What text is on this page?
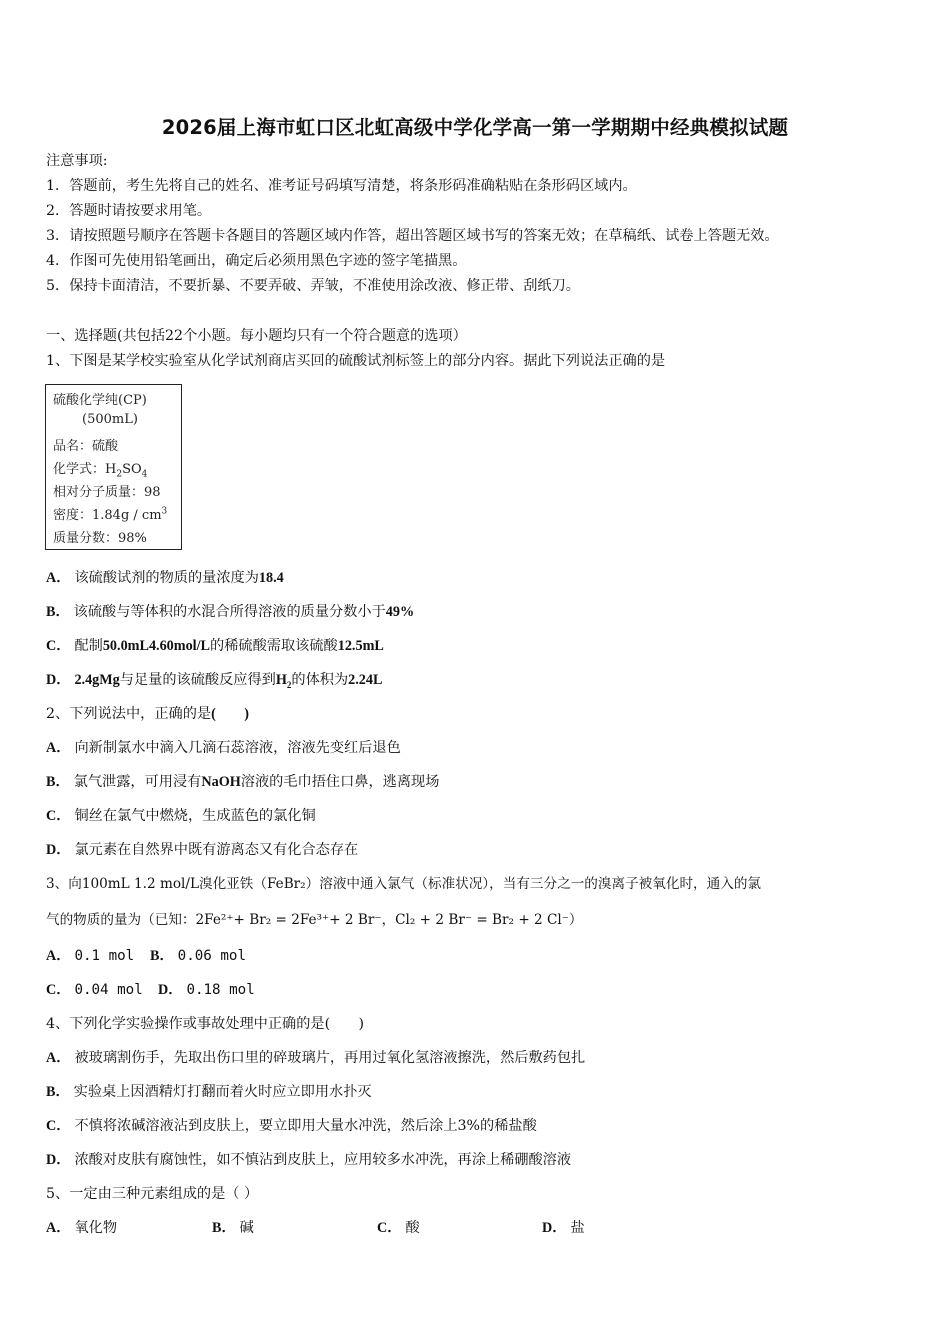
2026届上海市虹口区北虹高级中学化学高一第一学期期中经典模拟试题
注意事项:
1．答题前，考生先将自己的姓名、准考证号码填写清楚，将条形码准确粘贴在条形码区域内。
2．答题时请按要求用笔。
3．请按照题号顺序在答题卡各题目的答题区域内作答，超出答题区域书写的答案无效；在草稿纸、试卷上答题无效。
4．作图可先使用铅笔画出，确定后必须用黑色字迹的签字笔描黑。
5．保持卡面清洁，不要折暴、不要弄破、弄皱，不准使用涂改液、修正带、刮纸刀。
一、选择题(共包括22个小题。每小题均只有一个符合题意的选项）
1、下图是某学校实验室从化学试剂商店买回的硫酸试剂标签上的部分内容。据此下列说法正确的是
硫酸化学纯(CP)
(500mL)
品名：硫酸
化学式：$H_2SO_4$
相对分子质量：98
密度：$1.84g / cm^3$
质量分数：98%
A． 该硫酸试剂的物质的量浓度为18.4
B． 该硫酸与等体积的水混合所得溶液的质量分数小于49%
C． 配制50.0mL4.60mol/L的稀硫酸需取该硫酸12.5mL
D． 2.4gMg与足量的该硫酸反应得到$H_2$的体积为2.24L
2、下列说法中，正确的是(　　)
A． 向新制氯水中滴入几滴石蕊溶液，溶液先变红后退色
B． 氯气泄露，可用浸有NaOH溶液的毛巾捂住口鼻，逃离现场
C． 铜丝在氯气中燃烧，生成蓝色的氯化铜
D． 氯元素在自然界中既有游离态又有化合态存在
3、向100mL 1.2 mol/L溴化亚铁（FeBr₂）溶液中通入氯气（标准状况），当有三分之一的溴离子被氧化时，通入的氯
气的物质的量为（已知：2Fe²⁺+ Br₂ = 2Fe³⁺+ 2 Br⁻，Cl₂ + 2 Br⁻ = Br₂ + 2 Cl⁻）
A． 0.1 mol B． 0.06 mol
C． 0.04 mol D． 0.18 mol
4、下列化学实验操作或事故处理中正确的是(　　)
A． 被玻璃割伤手，先取出伤口里的碎玻璃片，再用过氧化氢溶液擦洗，然后敷药包扎
B． 实验桌上因酒精灯打翻而着火时应立即用水扑灭
C． 不慎将浓碱溶液沾到皮肤上，要立即用大量水冲洗，然后涂上3%的稀盐酸
D． 浓酸对皮肤有腐蚀性，如不慎沾到皮肤上，应用较多水冲洗，再涂上稀硼酸溶液
5、一定由三种元素组成的是（ ）
A． 氧化物	B． 碱	C． 酸	D． 盐
